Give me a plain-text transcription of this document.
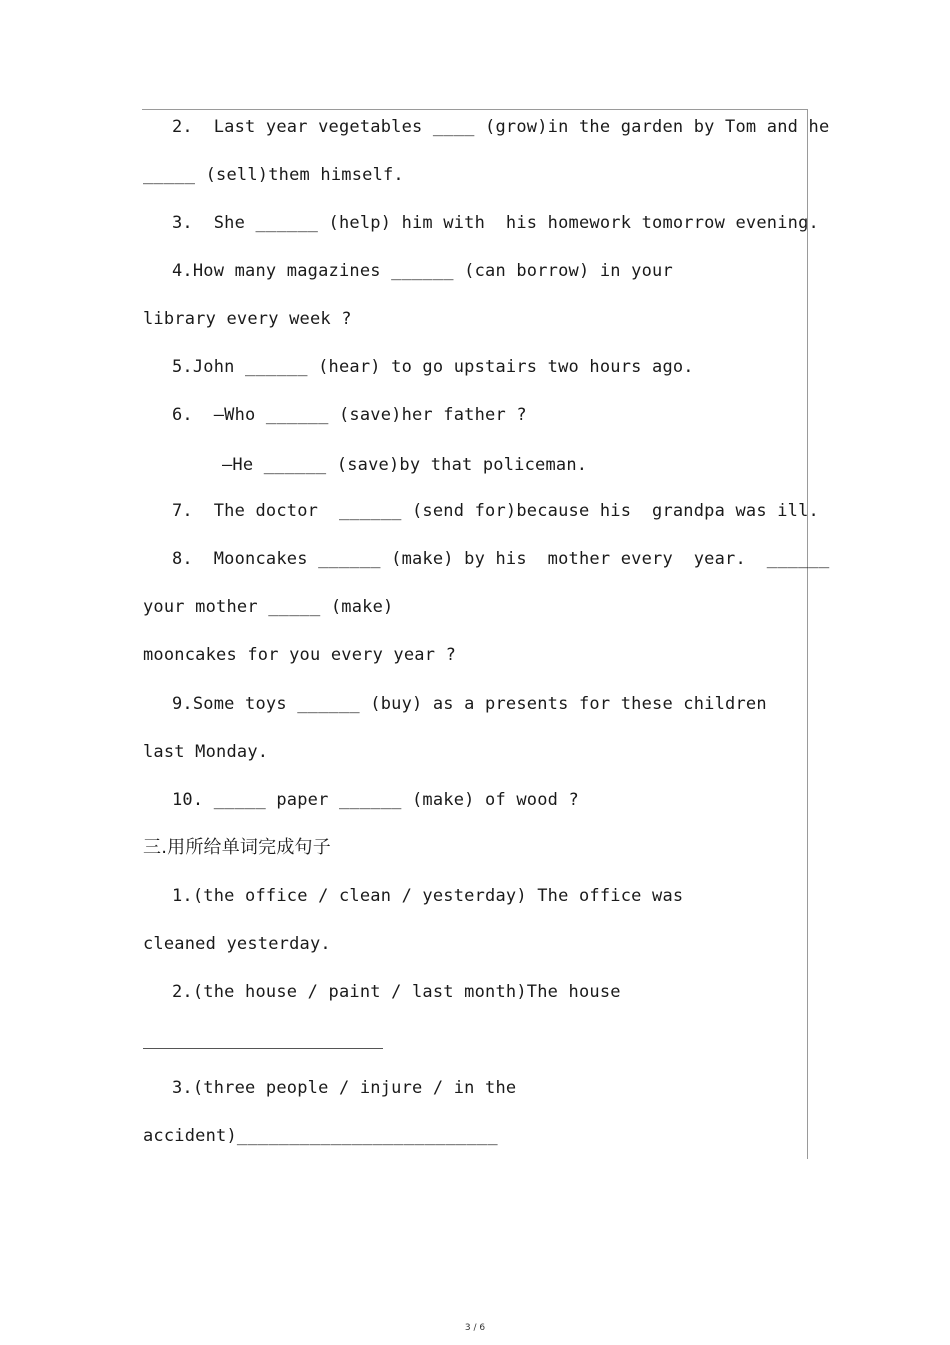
2.  Last year vegetables ____ (grow)in the garden by Tom and he
_____ (sell)them himself.
3.  She ______ (help) him with  his homework tomorrow evening.
4.How many magazines ______ (can borrow) in your
library every week ?
5.John ______ (hear) to go upstairs two hours ago.
6.  —Who ______ (save)her father ?
—He ______ (save)by that policeman.
7.  The doctor  ______ (send for)because his  grandpa was ill.
8.  Mooncakes ______ (make) by his  mother every  year.  ______
your mother _____ (make)
mooncakes for you every year ?
9.Some toys ______ (buy) as a presents for these children
last Monday.
10. _____ paper ______ (make) of wood ?
三.用所给单词完成句子
1.(the office / clean / yesterday) The office was
cleaned yesterday.
2.(the house / paint / last month)The house
3.(three people / injure / in the
accident)_________________________
3 / 6
